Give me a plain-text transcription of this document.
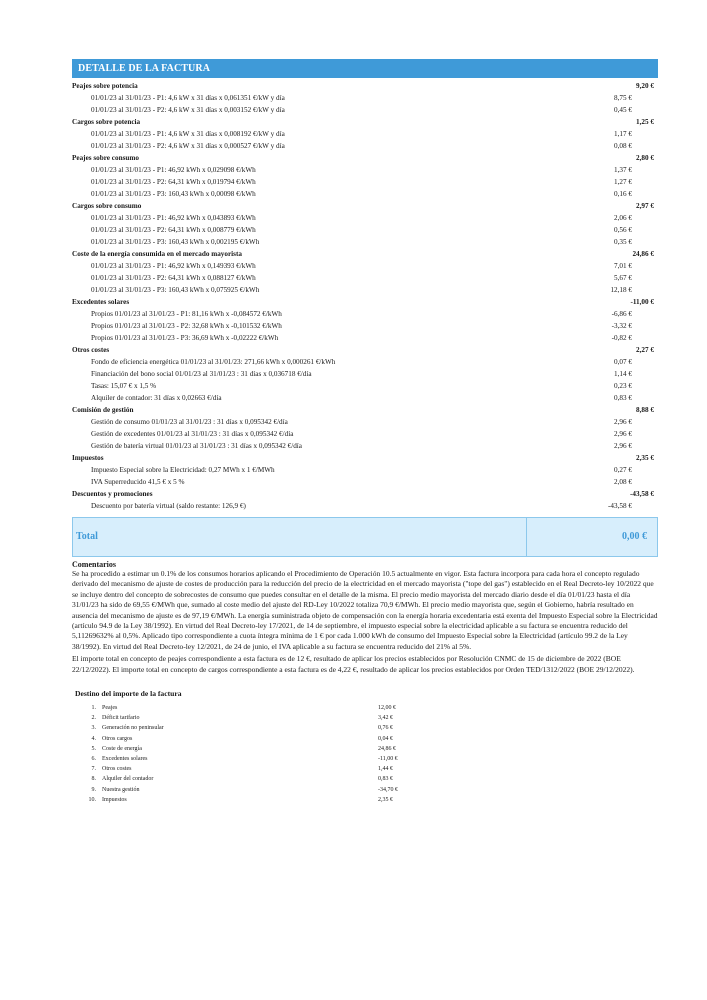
DETALLE DE LA FACTURA
Peajes sobre potencia	9,20 €
01/01/23 al 31/01/23 - P1: 4,6 kW x 31 días x 0,061351 €/kW y día	8,75 €
01/01/23 al 31/01/23 - P2: 4,6 kW x 31 días x 0,003152 €/kW y día	0,45 €
Cargos sobre potencia	1,25 €
01/01/23 al 31/01/23 - P1: 4,6 kW x 31 días x 0,008192 €/kW y día	1,17 €
01/01/23 al 31/01/23 - P2: 4,6 kW x 31 días x 0,000527 €/kW y día	0,08 €
Peajes sobre consumo	2,80 €
01/01/23 al 31/01/23 - P1: 46,92 kWh x 0,029098 €/kWh	1,37 €
01/01/23 al 31/01/23 - P2: 64,31 kWh x 0,019794 €/kWh	1,27 €
01/01/23 al 31/01/23 - P3: 160,43 kWh x 0,00098 €/kWh	0,16 €
Cargos sobre consumo	2,97 €
01/01/23 al 31/01/23 - P1: 46,92 kWh x 0,043893 €/kWh	2,06 €
01/01/23 al 31/01/23 - P2: 64,31 kWh x 0,008779 €/kWh	0,56 €
01/01/23 al 31/01/23 - P3: 160,43 kWh x 0,002195 €/kWh	0,35 €
Coste de la energía consumida en el mercado mayorista	24,86 €
01/01/23 al 31/01/23 - P1: 46,92 kWh x 0,149393 €/kWh	7,01 €
01/01/23 al 31/01/23 - P2: 64,31 kWh x 0,088127 €/kWh	5,67 €
01/01/23 al 31/01/23 - P3: 160,43 kWh x 0,075925 €/kWh	12,18 €
Excedentes solares	-11,00 €
Propios 01/01/23 al 31/01/23 - P1: 81,16 kWh x -0,084572 €/kWh	-6,86 €
Propios 01/01/23 al 31/01/23 - P2: 32,68 kWh x -0,101532 €/kWh	-3,32 €
Propios 01/01/23 al 31/01/23 - P3: 36,69 kWh x -0,02222 €/kWh	-0,82 €
Otros costes	2,27 €
Fondo de eficiencia energética 01/01/23 al 31/01/23: 271,66 kWh x 0,000261 €/kWh	0,07 €
Financiación del bono social 01/01/23 al 31/01/23 : 31 días x 0,036718 €/día	1,14 €
Tasas: 15,07 € x 1,5 %	0,23 €
Alquiler de contador: 31 días x 0,02663 €/día	0,83 €
Comisión de gestión	8,88 €
Gestión de consumo 01/01/23 al 31/01/23 : 31 días x 0,095342 €/día	2,96 €
Gestión de excedentes 01/01/23 al 31/01/23 : 31 días x 0,095342 €/día	2,96 €
Gestión de batería virtual 01/01/23 al 31/01/23 : 31 días x 0,095342 €/día	2,96 €
Impuestos	2,35 €
Impuesto Especial sobre la Electricidad: 0,27 MWh x 1 €/MWh	0,27 €
IVA Superreducido 41,5 € x 5 %	2,08 €
Descuentos y promociones	-43,58 €
Descuento por batería virtual (saldo restante: 126,9 €)	-43,58 €
Total	0,00 €
Comentarios

Se ha procedido a estimar un 0.1% de los consumos horarios aplicando el Procedimiento de Operación 10.5 actualmente en vigor. Esta factura incorpora para cada hora el concepto regulado derivado del mecanismo de ajuste de costes de producción para la reducción del precio de la electricidad en el mercado mayorista ("tope del gas") establecido en el Real Decreto-ley 10/2022 que se incluye dentro del concepto de sobrecostes de consumo que puedes consultar en el detalle de la misma. El precio medio mayorista del mercado diario desde el día 01/01/23 hasta el día 31/01/23 ha sido de 69,55 €/MWh que, sumado al coste medio del ajuste del RD-Ley 10/2022 totaliza 70,9 €/MWh. El precio medio mayorista que, según el Gobierno, habría resultado en ausencia del mecanismo de ajuste es de 97,19 €/MWh. La energía suministrada objeto de compensación con la energía horaria excedentaria está exenta del Impuesto Especial sobre la Electricidad (artículo 94.9 de la Ley 38/1992). En virtud del Real Decreto-ley 17/2021, de 14 de septiembre, el impuesto especial sobre la electricidad aplicable a su factura se encuentra reducido del 5,11269632% al 0,5%. Aplicado tipo correspondiente a cuota íntegra mínima de 1 € por cada 1.000 kWh de consumo del Impuesto Especial sobre la Electricidad (artículo 99.2 de la Ley 38/1992). En virtud del Real Decreto-ley 12/2021, de 24 de junio, el IVA aplicable a su factura se encuentra reducido del 21% al 5%.

El importe total en concepto de peajes correspondiente a esta factura es de 12 €, resultado de aplicar los precios establecidos por Resolución CNMC de 15 de diciembre de 2022 (BOE 22/12/2022). El importe total en concepto de cargos correspondiente a esta factura es de 4,22 €, resultado de aplicar los precios establecidos por Orden TED/1312/2022 (BOE 29/12/2022).

Destino del importe de la factura
1.	Peajes	12,00 €
2.	Déficit tarifario	3,42 €
3.	Generación no peninsular	0,76 €
4.	Otros cargos	0,04 €
5.	Coste de energía	24,86 €
6.	Excedentes solares	-11,00 €
7.	Otros costes	1,44 €
8.	Alquiler del contador	0,83 €
9.	Nuestra gestión	-34,70 €
10.	Impuestos	2,35 €
